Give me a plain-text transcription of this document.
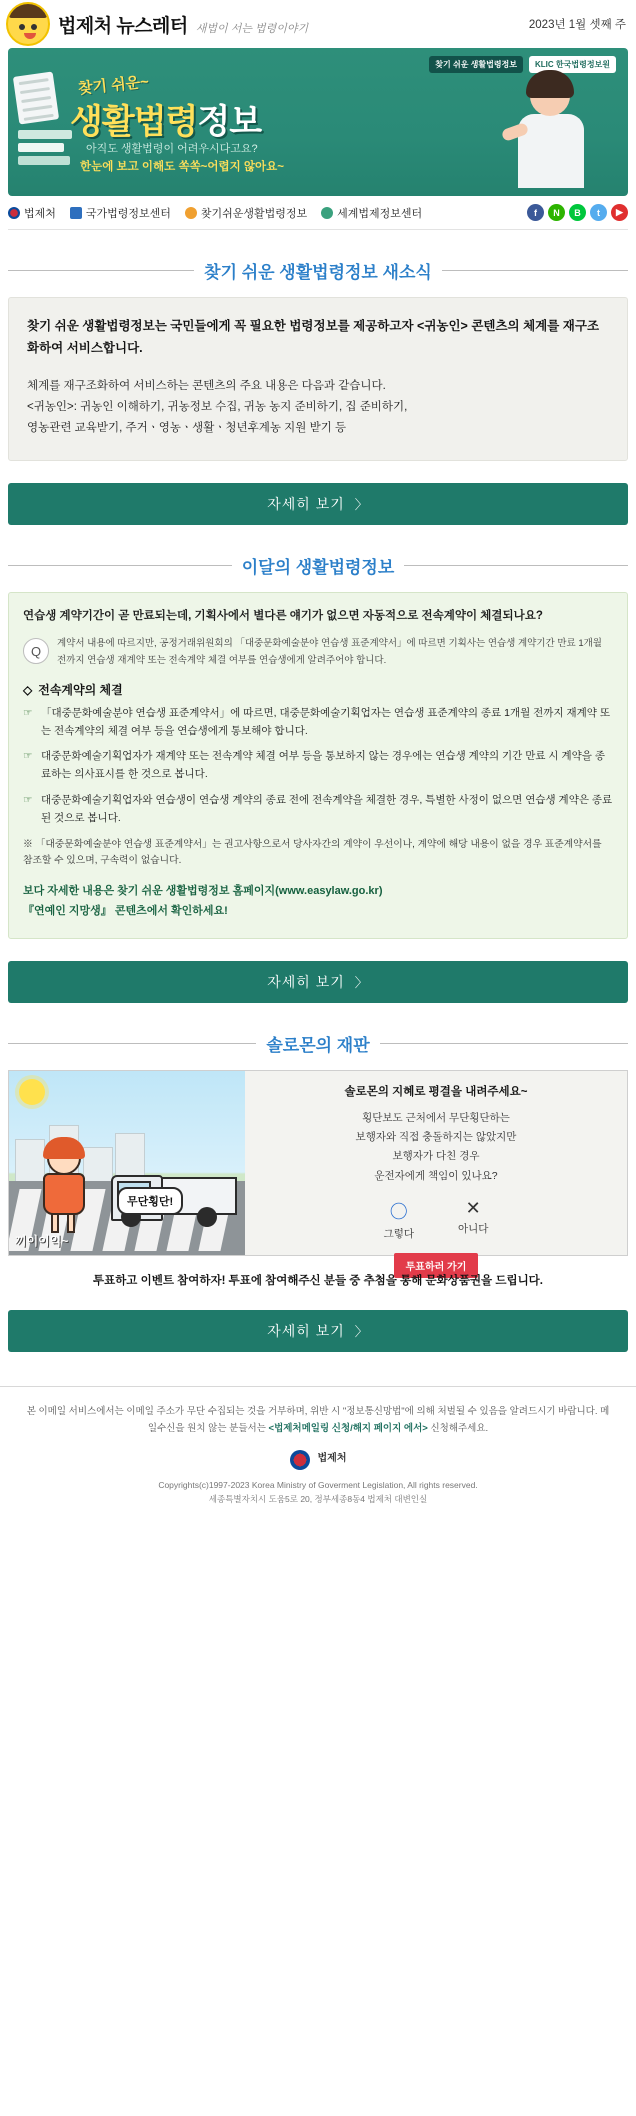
법제처 뉴스레터 새법이 서는 법령이야기	2023년 1월 셋째 주
찾기 쉬운 생활법령정보	KLIC 한국법령정보원
찾기 쉬운~
생활법령정보
아직도 생활법령이 어려우시다고요?
한눈에 보고 이해도 쏙쏙~어렵지 않아요~
법제처	국가법령정보센터	찾기쉬운생활법령정보	세계법제정보센터	f	N	B	t	▶
찾기 쉬운 생활법령정보 새소식
찾기 쉬운 생활법령정보는 국민들에게 꼭 필요한 법령정보를 제공하고자 <귀농인> 콘텐츠의 체계를 재구조화하여 서비스합니다.
체계를 재구조화하여 서비스하는 콘텐츠의 주요 내용은 다음과 같습니다.
<귀농인>: 귀농인 이해하기, 귀농정보 수집, 귀농 농지 준비하기, 집 준비하기,
영농관련 교육받기, 주거ㆍ영농ㆍ생활ㆍ청년후계농 지원 받기 등
자세히 보기 〉
이달의 생활법령정보
연습생 계약기간이 곧 만료되는데, 기획사에서 별다른 얘기가 없으면 자동적으로 전속계약이 체결되나요?
Q	계약서 내용에 따르지만, 공정거래위원회의 「대중문화예술분야 연습생 표준계약서」에 따르면 기획사는 연습생 계약기간 만료 1개월 전까지 연습생 재계약 또는 전속계약 체결 여부를 연습생에게 알려주어야 합니다.
◇ 전속계약의 체결
☞ 「대중문화예술분야 연습생 표준계약서」에 따르면, 대중문화예술기획업자는 연습생 표준계약의 종료 1개월 전까지 재계약 또는 전속계약의 체결 여부 등을 연습생에게 통보해야 합니다.
☞ 대중문화예술기획업자가 재계약 또는 전속계약 체결 여부 등을 통보하지 않는 경우에는 연습생 계약의 기간 만료 시 계약을 종료하는 의사표시를 한 것으로 봅니다.
☞ 대중문화예술기획업자와 연습생이 연습생 계약의 종료 전에 전속계약을 체결한 경우, 특별한 사정이 없으면 연습생 계약은 종료된 것으로 봅니다.
※ 「대중문화예술분야 연습생 표준계약서」는 권고사항으로서 당사자간의 계약이 우선이나, 계약에 해당 내용이 없을 경우 표준계약서를 참조할 수 있으며, 구속력이 없습니다.
보다 자세한 내용은 찾기 쉬운 생활법령정보 홈페이지(www.easylaw.go.kr)
『연예인 지망생』 콘텐츠에서 확인하세요!
자세히 보기 〉
솔로몬의 재판
무단횡단!
끼이이익~
솔로몬의 지혜로 평결을 내려주세요~
횡단보도 근처에서 무단횡단하는
보행자와 직접 충돌하지는 않았지만
보행자가 다친 경우
운전자에게 책임이 있나요?
〇
그렇다
✕
아니다
투표하러 가기
투표하고 이벤트 참여하자! 투표에 참여해주신 분들 중 추첨을 통해 문화상품권을 드립니다.
자세히 보기 〉
본 이메일 서비스에서는 이메일 주소가 무단 수집되는 것을 거부하며, 위반 시 "정보통신망법"에 의해 처벌될 수 있음을 알려드시기 바랍니다. 메일수신을 원치 않는 분들서는 <법제처메일링 신청/해지 페이지 에서> 신청해주세요.
법제처
Copyrights(c)1997-2023 Korea Ministry of Goverment Legislation, All rights reserved.
세종특별자치시 도움5로 20, 정부세종8동4 법제처 대변인실
